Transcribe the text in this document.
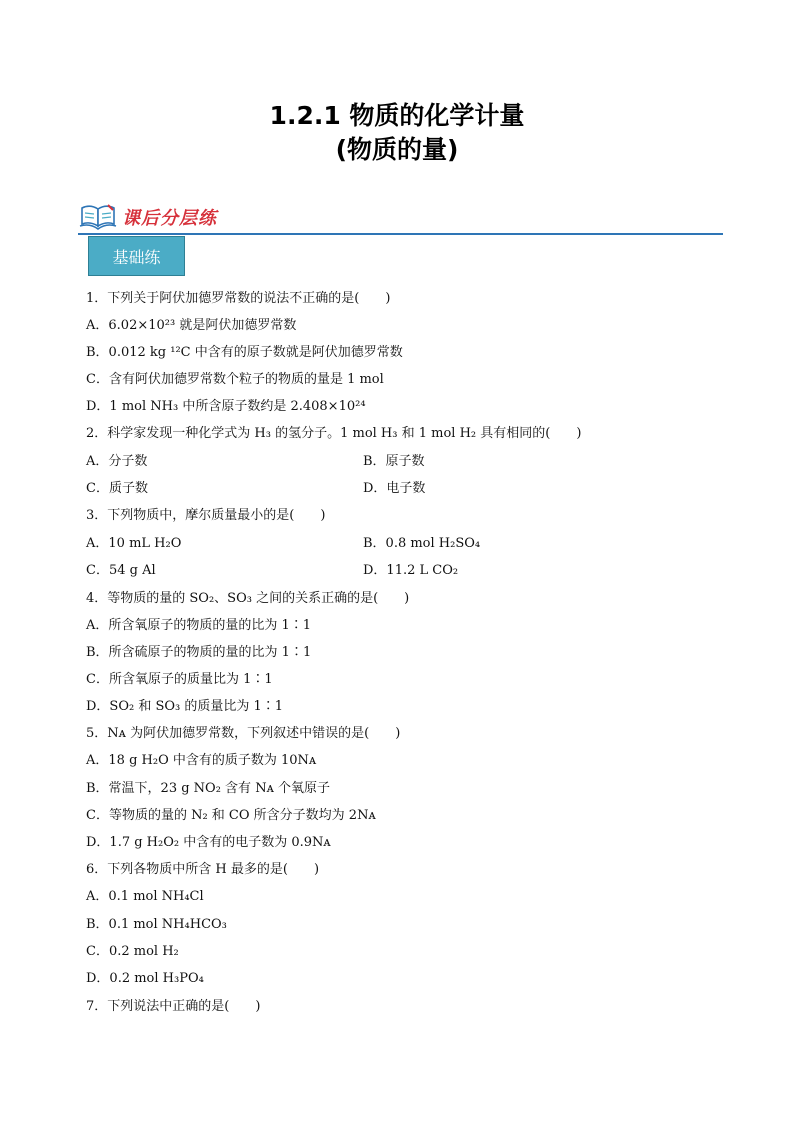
1.2.1 物质的化学计量
(物质的量)
课后分层练
基础练
1．下列关于阿伏加德罗常数的说法不正确的是(　　)
A．6.02×10²³ 就是阿伏加德罗常数
B．0.012 kg ¹²C 中含有的原子数就是阿伏加德罗常数
C．含有阿伏加德罗常数个粒子的物质的量是 1 mol
D．1 mol NH₃ 中所含原子数约是 2.408×10²⁴
2．科学家发现一种化学式为 H₃ 的氢分子。1 mol H₃ 和 1 mol H₂ 具有相同的(　　)
A．分子数	B．原子数
C．质子数	D．电子数
3．下列物质中，摩尔质量最小的是(　　)
A．10 mL H₂O	B．0.8 mol H₂SO₄
C．54 g Al	D．11.2 L CO₂
4．等物质的量的 SO₂、SO₃ 之间的关系正确的是(　　)
A．所含氧原子的物质的量的比为 1∶1
B．所含硫原子的物质的量的比为 1∶1
C．所含氧原子的质量比为 1∶1
D．SO₂ 和 SO₃ 的质量比为 1∶1
5．Nᴀ 为阿伏加德罗常数，下列叙述中错误的是(　　)
A．18 g H₂O 中含有的质子数为 10Nᴀ
B．常温下，23 g NO₂ 含有 Nᴀ 个氧原子
C．等物质的量的 N₂ 和 CO 所含分子数均为 2Nᴀ
D．1.7 g H₂O₂ 中含有的电子数为 0.9Nᴀ
6．下列各物质中所含 H 最多的是(　　)
A．0.1 mol NH₄Cl
B．0.1 mol NH₄HCO₃
C．0.2 mol H₂
D．0.2 mol H₃PO₄
7．下列说法中正确的是(　　)
